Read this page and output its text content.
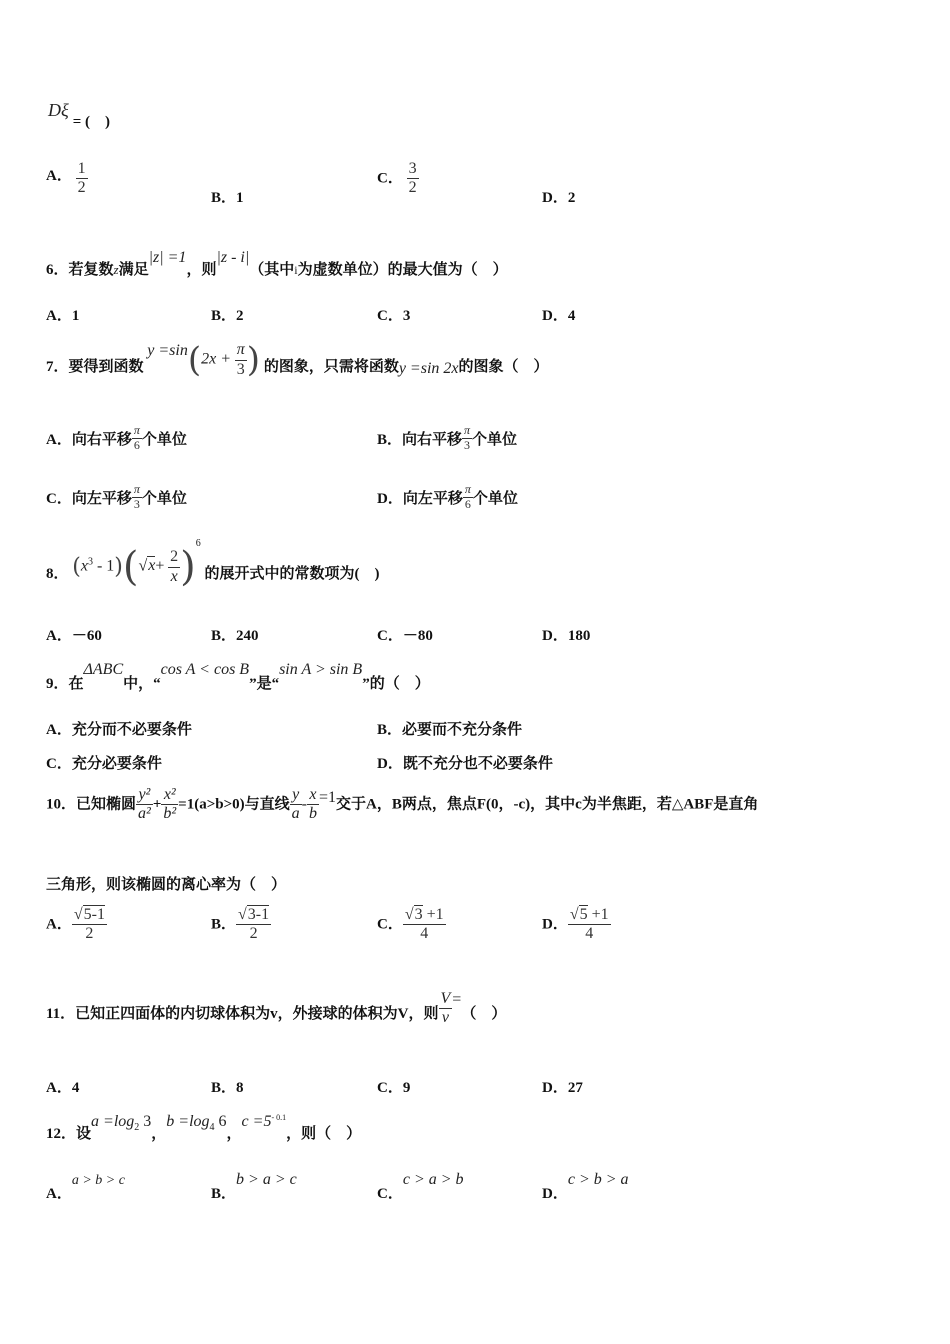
Dξ = (　)
A． $\frac{1}{2}$
B．1
C． $\frac{3}{2}$
D．2
6．若复数z满足|z| =1，则|z - i|（其中$_i$为虚数单位）的最大值为（　）
A．1	B．2	C．3	D．4
7．要得到函数 $y =\sin(2x + \frac{\pi}{3}$ ) 的图象，只需将函数y =sin 2x的图象（　）
A．向右平移 $\frac{\pi}{6}$ 个单位	B．向右平移 $\frac{\pi}{3}$ 个单位
C．向左平移 $\frac{\pi}{3}$ 个单位	D．向左平移 $\frac{\pi}{6}$ 个单位
8． $(x^3 - 1)(√x+ \frac{2}{x} )^6$ 的展开式中的常数项为(　)
A．－60	B．240	C．－80	D．180
9．在ΔABC中，“cos A < cos B”是“sin A > sin B”的（　）
A．充分而不必要条件	B．必要而不充分条件
C．充分必要条件	D．既不充分也不必要条件
10．已知椭圆 $\frac{\text{y²}}{\text{a²}} + \frac{\text{x²}}{\text{b²}} =1(a>b>0)$与直线 $\frac{y}{a} - \frac{x}{b} =1$交于A，B两点，焦点F(0，-c)，其中c为半焦距，若△ABF是直角
三角形，则该椭圆的离心率为（　）
A． $\frac{√5-1}{2}$	B． $\frac{√3-1}{2}$	C． $\frac{√3 +1}{4}$	D． $\frac{√5 +1}{4}$
11．已知正四面体的内切球体积为v，外接球的体积为V，则 $\frac{V}{v}$ =（　）
A．4	B．8	C．9	D．27
12．设$a =\log_2$ 3，$b =\log_4$ 6，$c =5^{- 0.1}$，则（　）
A．a > b > c
B．b > a > c
C．c > a > b
D．c > b > a
